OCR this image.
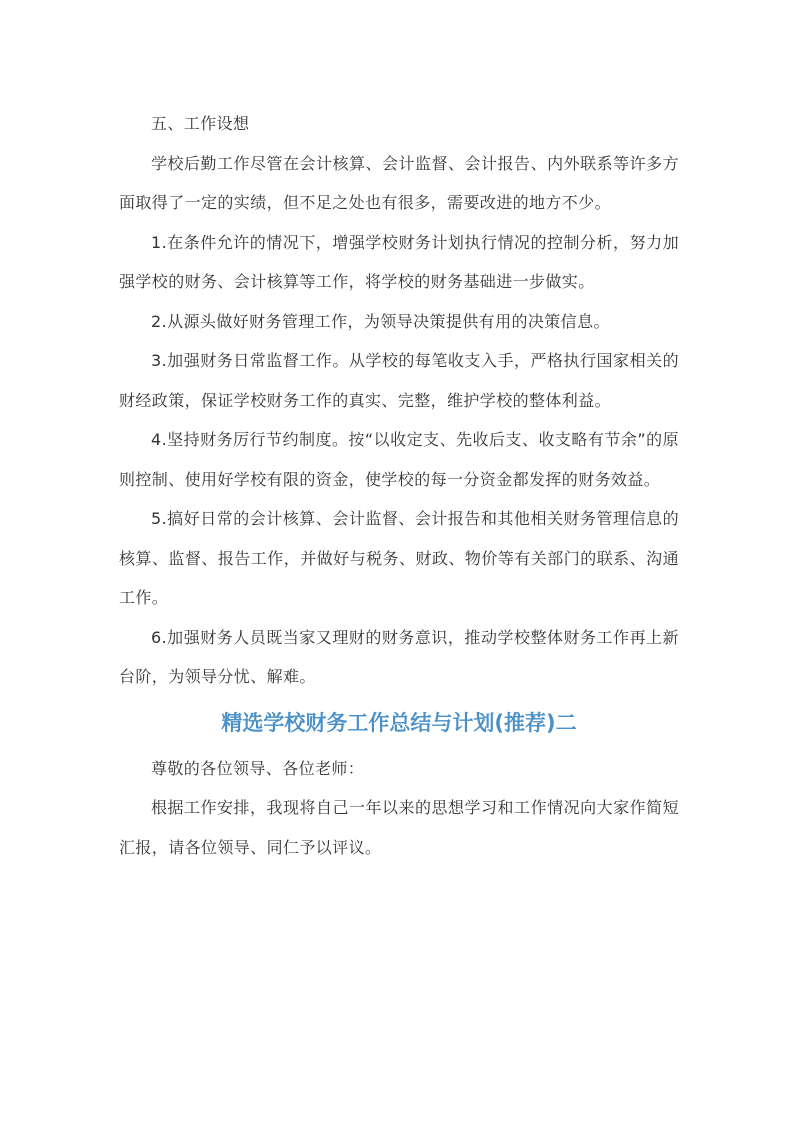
五、工作设想

学校后勤工作尽管在会计核算、会计监督、会计报告、内外联系等许多方面取得了一定的实绩，但不足之处也有很多，需要改进的地方不少。

1.在条件允许的情况下，增强学校财务计划执行情况的控制分析，努力加强学校的财务、会计核算等工作，将学校的财务基础进一步做实。

2.从源头做好财务管理工作，为领导决策提供有用的决策信息。

3.加强财务日常监督工作。从学校的每笔收支入手，严格执行国家相关的财经政策，保证学校财务工作的真实、完整，维护学校的整体利益。

4.坚持财务厉行节约制度。按“以收定支、先收后支、收支略有节余”的原则控制、使用好学校有限的资金，使学校的每一分资金都发挥的财务效益。

5.搞好日常的会计核算、会计监督、会计报告和其他相关财务管理信息的核算、监督、报告工作，并做好与税务、财政、物价等有关部门的联系、沟通工作。

6.加强财务人员既当家又理财的财务意识，推动学校整体财务工作再上新台阶，为领导分忧、解难。

精选学校财务工作总结与计划(推荐)二

尊敬的各位领导、各位老师：

根据工作安排，我现将自己一年以来的思想学习和工作情况向大家作简短汇报，请各位领导、同仁予以评议。
